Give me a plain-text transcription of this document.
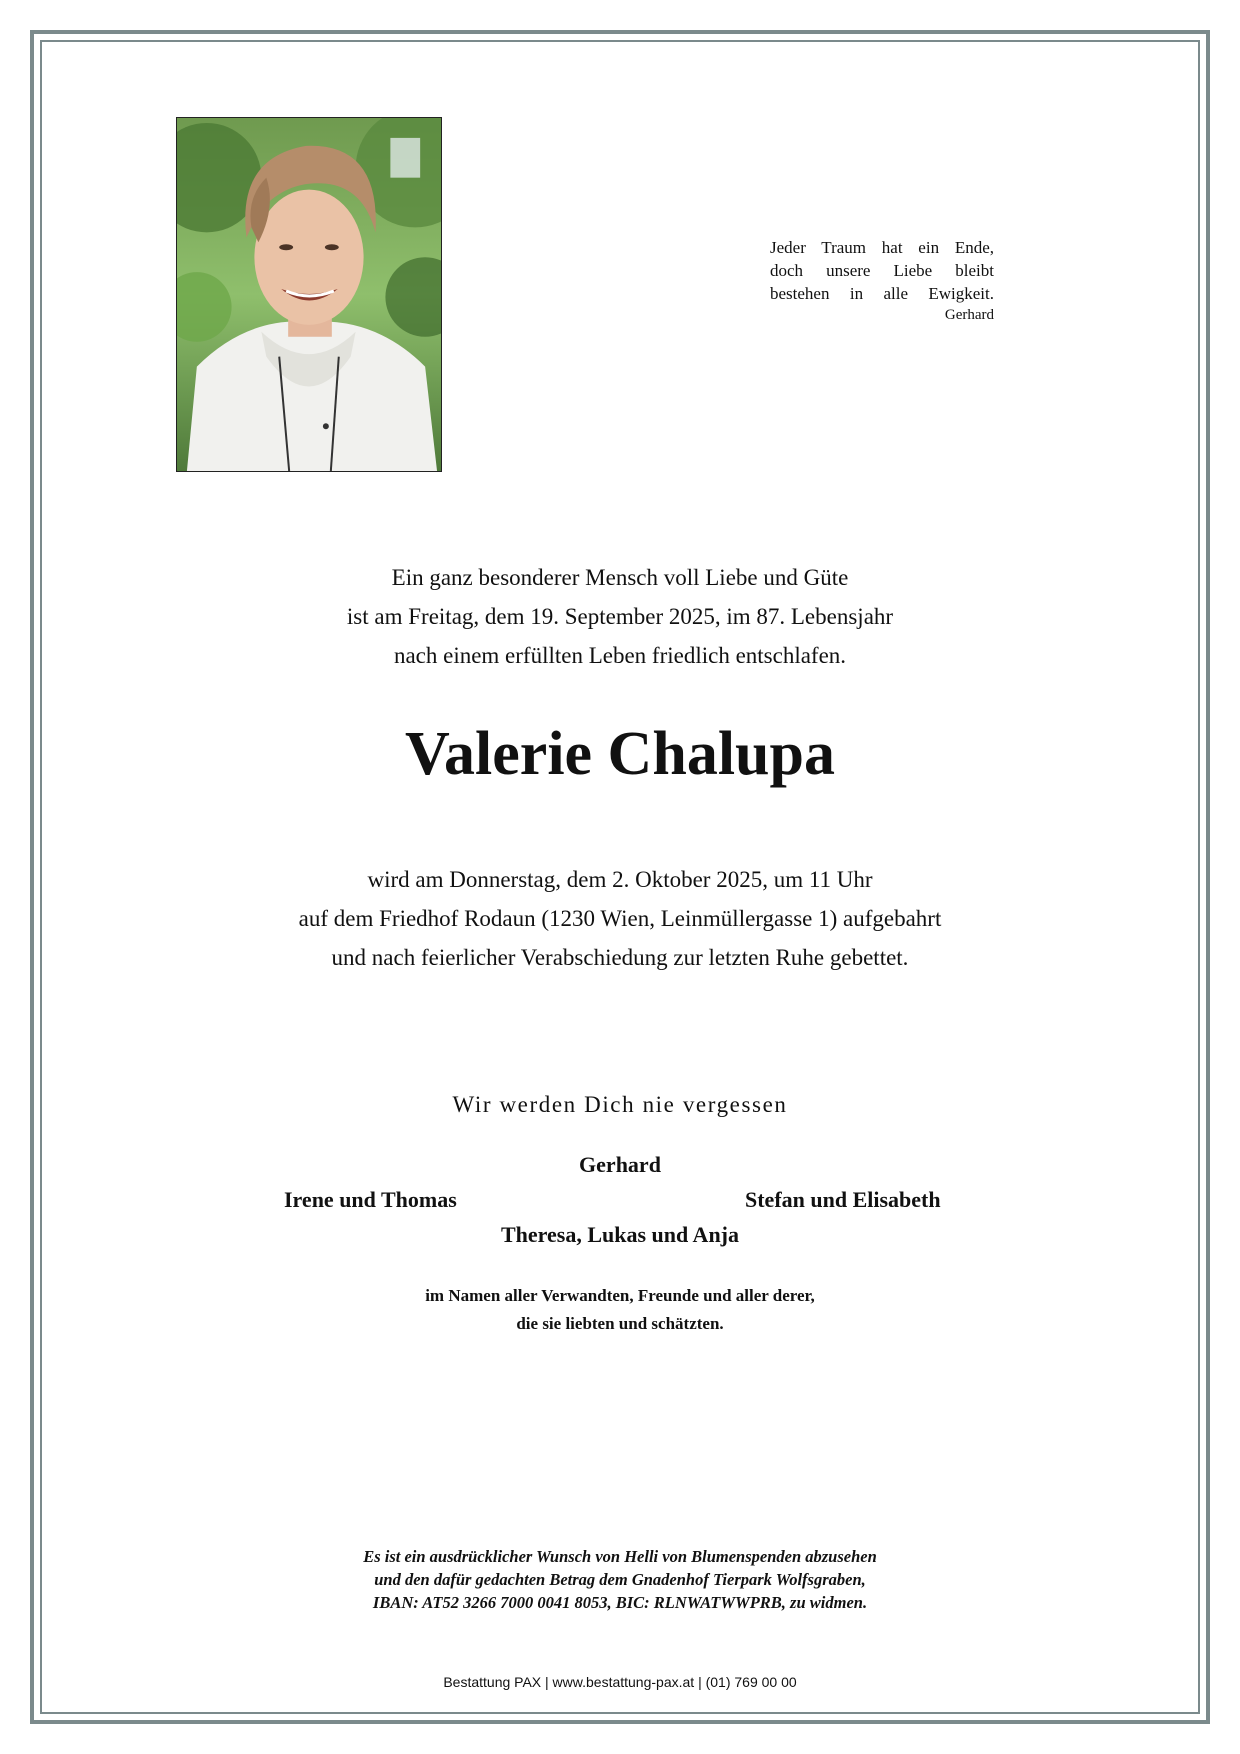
Jeder Traum hat ein Ende,
doch unsere Liebe bleibt
bestehen in alle Ewigkeit.
Gerhard
Ein ganz besonderer Mensch voll Liebe und Güte
ist am Freitag, dem 19. September 2025, im 87. Lebensjahr
nach einem erfüllten Leben friedlich entschlafen.
Valerie Chalupa
wird am Donnerstag, dem 2. Oktober 2025, um 11 Uhr
auf dem Friedhof Rodaun (1230 Wien, Leinmüllergasse 1) aufgebahrt
und nach feierlicher Verabschiedung zur letzten Ruhe gebettet.
Wir werden Dich nie vergessen
Gerhard
Irene und Thomas	Stefan und Elisabeth
Theresa, Lukas und Anja
im Namen aller Verwandten, Freunde und aller derer,
die sie liebten und schätzten.
Es ist ein ausdrücklicher Wunsch von Helli von Blumenspenden abzusehen
und den dafür gedachten Betrag dem Gnadenhof Tierpark Wolfsgraben,
IBAN: AT52 3266 7000 0041 8053, BIC: RLNWATWWPRB, zu widmen.
Bestattung PAX | www.bestattung-pax.at | (01) 769 00 00
